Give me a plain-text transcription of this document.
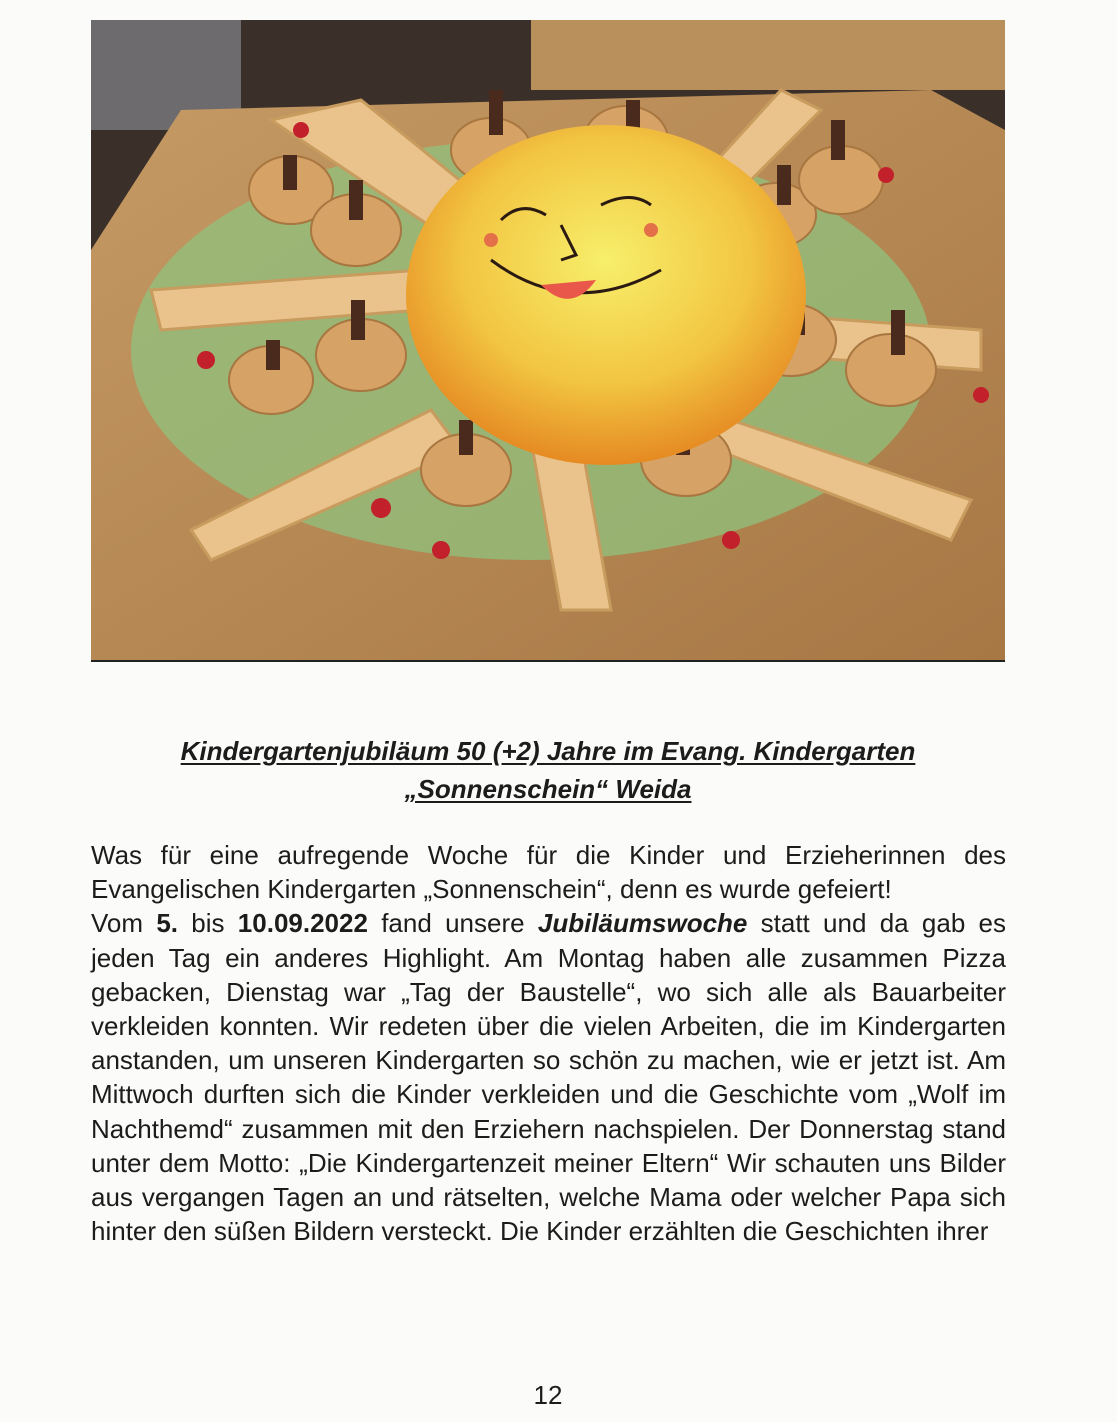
Kindergartenjubiläum 50 (+2) Jahre im Evang. Kindergarten
„Sonnenschein“ Weida

Was für eine aufregende Woche für die Kinder und Erzieherinnen des Evangelischen Kindergarten „Sonnenschein“, denn es wurde gefeiert!

Vom 5. bis 10.09.2022 fand unsere Jubiläumswoche statt und da gab es jeden Tag ein anderes Highlight. Am Montag haben alle zusammen Pizza gebacken, Dienstag war „Tag der Baustelle“, wo sich alle als Bauarbeiter verkleiden konnten. Wir redeten über die vielen Arbeiten, die im Kindergarten anstanden, um unseren Kindergarten so schön zu machen, wie er jetzt ist. Am Mittwoch durften sich die Kinder verkleiden und die Geschichte vom „Wolf im Nachthemd“ zusammen mit den Erziehern nachspielen. Der Donnerstag stand unter dem Motto: „Die Kindergartenzeit meiner Eltern“ Wir schauten uns Bilder aus vergangen Tagen an und rätselten, welche Mama oder welcher Papa sich hinter den süßen Bildern versteckt. Die Kinder erzählten die Geschichten ihrer

12
